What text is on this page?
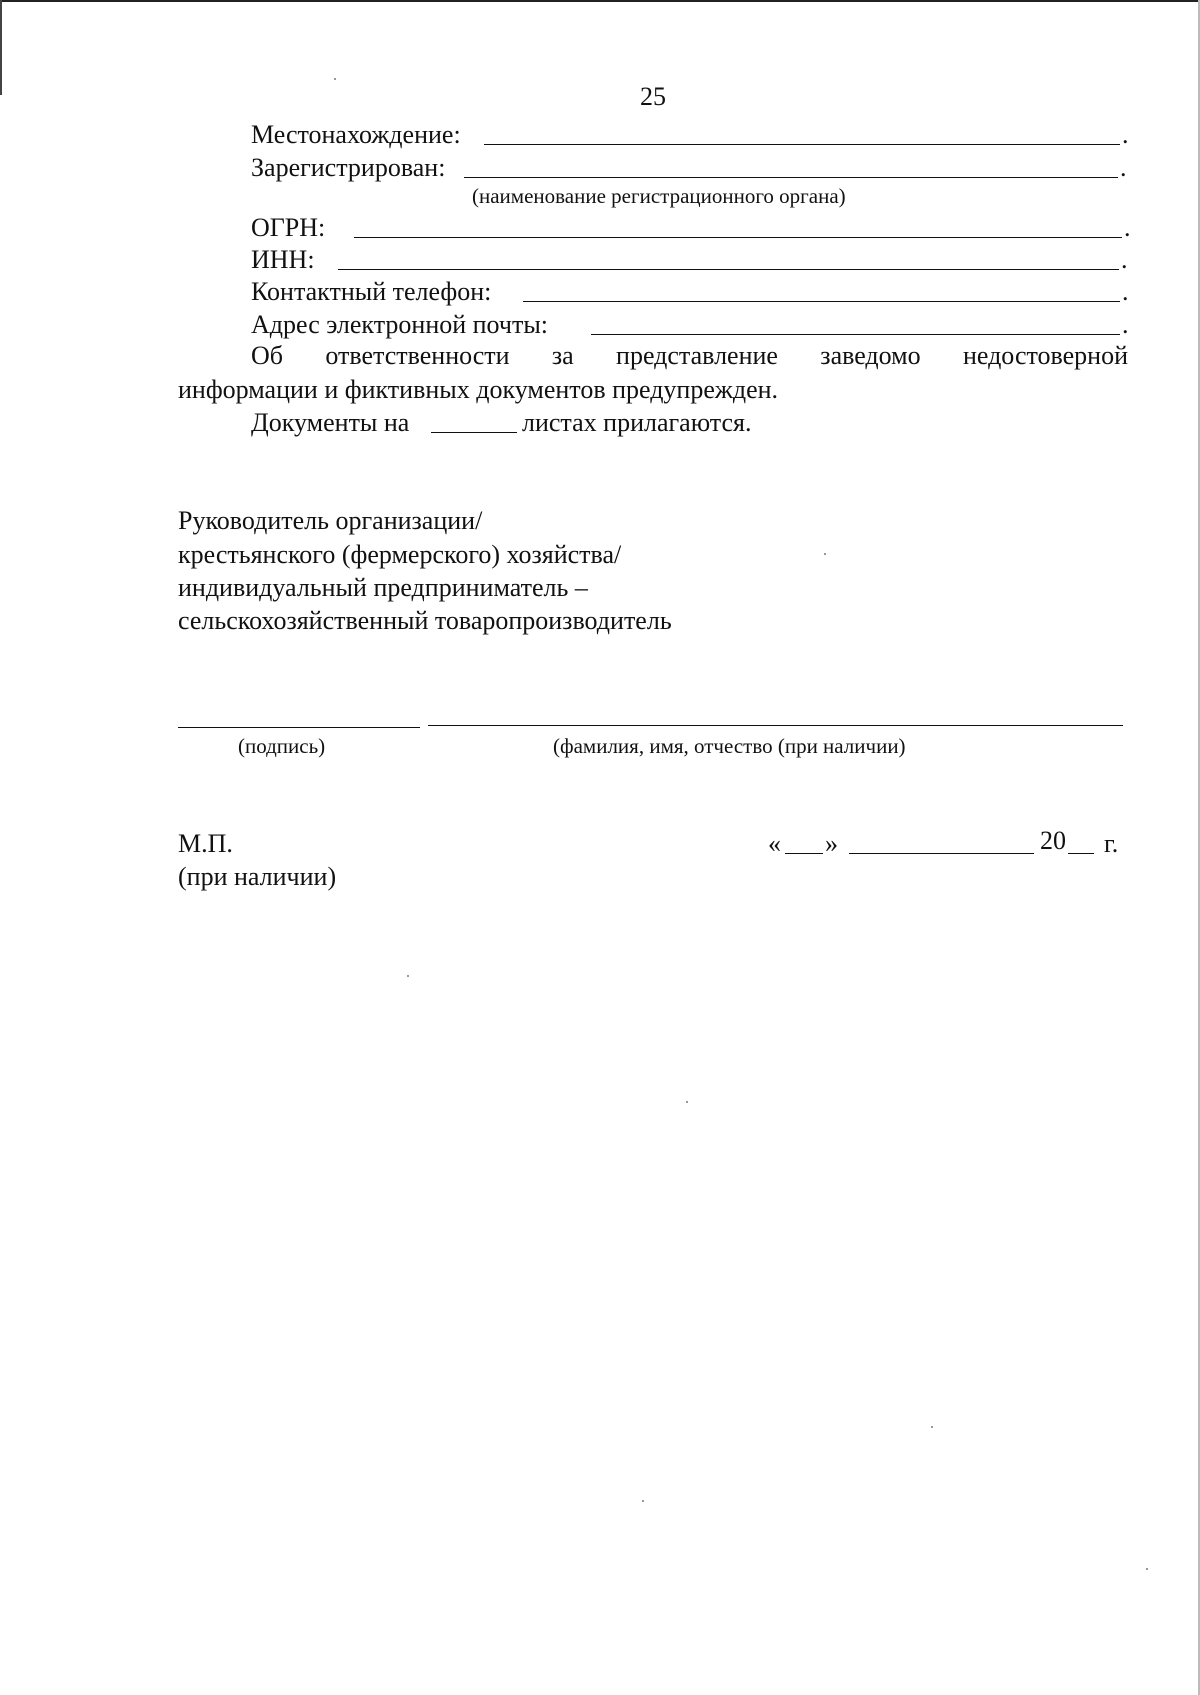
25
Местонахождение:	.
Зарегистрирован:	.
(наименование регистрационного органа)
ОГРН:	.
ИНН:	.
Контактный телефон:	.
Адрес электронной почты:	.
Об ответственности за представление заведомо недостоверной
информации и фиктивных документов предупрежден.
Документы на	листах прилагаются.
Руководитель организации/
крестьянского (фермерского) хозяйства/
индивидуальный предприниматель –
сельскохозяйственный товаропроизводитель
(подпись)	(фамилия, имя, отчество (при наличии)
М.П.
(при наличии)
« »	20 г.
